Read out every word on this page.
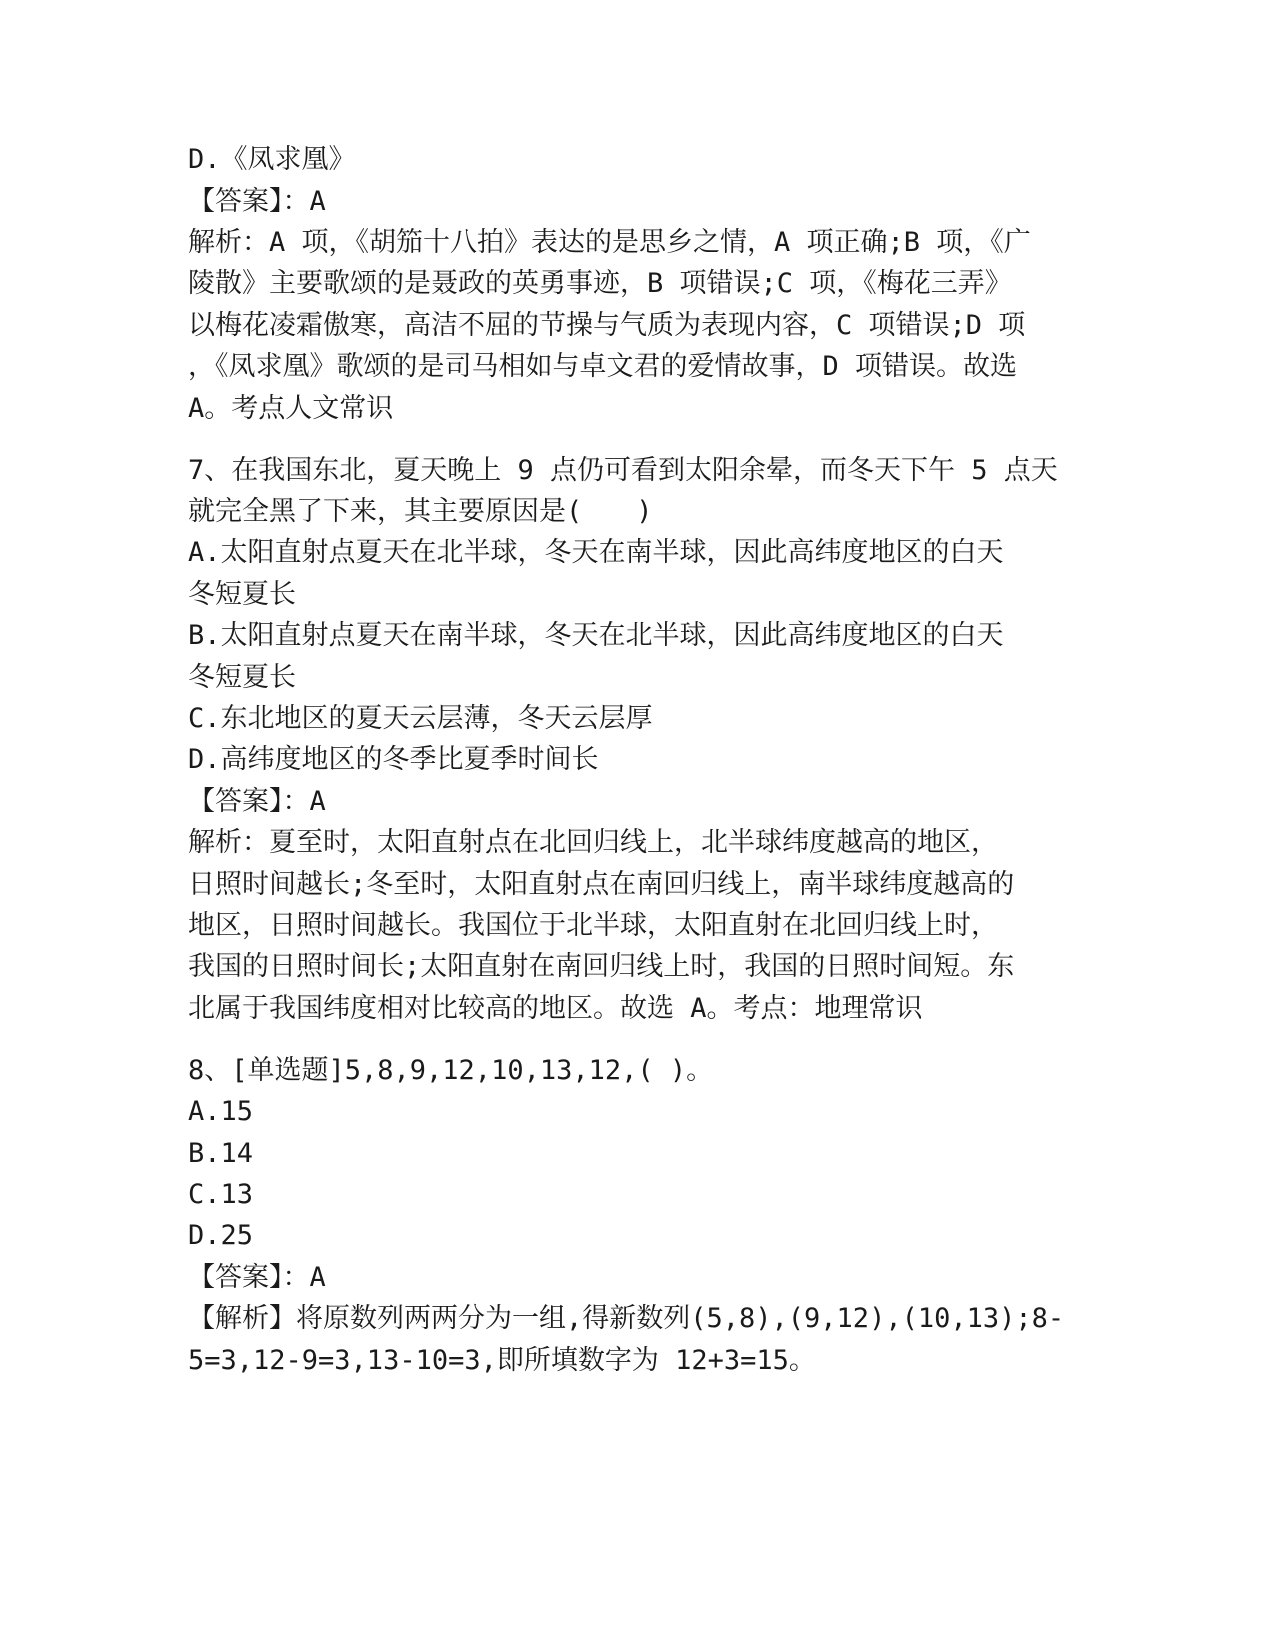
D.《凤求凰》
【答案】：A
解析：A 项，《胡笳十八拍》表达的是思乡之情，A 项正确;B 项，《广
陵散》主要歌颂的是聂政的英勇事迹，B 项错误;C 项，《梅花三弄》
以梅花凌霜傲寒，高洁不屈的节操与气质为表现内容，C 项错误;D 项
，《凤求凰》歌颂的是司马相如与卓文君的爱情故事，D 项错误。故选
A。考点人文常识
7、在我国东北，夏天晚上 9 点仍可看到太阳余晕，而冬天下午 5 点天
就完全黑了下来，其主要原因是(　　)
A.太阳直射点夏天在北半球，冬天在南半球，因此高纬度地区的白天
冬短夏长
B.太阳直射点夏天在南半球，冬天在北半球，因此高纬度地区的白天
冬短夏长
C.东北地区的夏天云层薄，冬天云层厚
D.高纬度地区的冬季比夏季时间长
【答案】：A
解析：夏至时，太阳直射点在北回归线上，北半球纬度越高的地区，
日照时间越长;冬至时，太阳直射点在南回归线上，南半球纬度越高的
地区，日照时间越长。我国位于北半球，太阳直射在北回归线上时，
我国的日照时间长;太阳直射在南回归线上时，我国的日照时间短。东
北属于我国纬度相对比较高的地区。故选 A。考点：地理常识
8、[单选题]5,8,9,12,10,13,12,( )。
A.15
B.14
C.13
D.25
【答案】：A
【解析】将原数列两两分为一组,得新数列(5,8),(9,12),(10,13);8-
5=3,12-9=3,13-10=3,即所填数字为 12+3=15。
